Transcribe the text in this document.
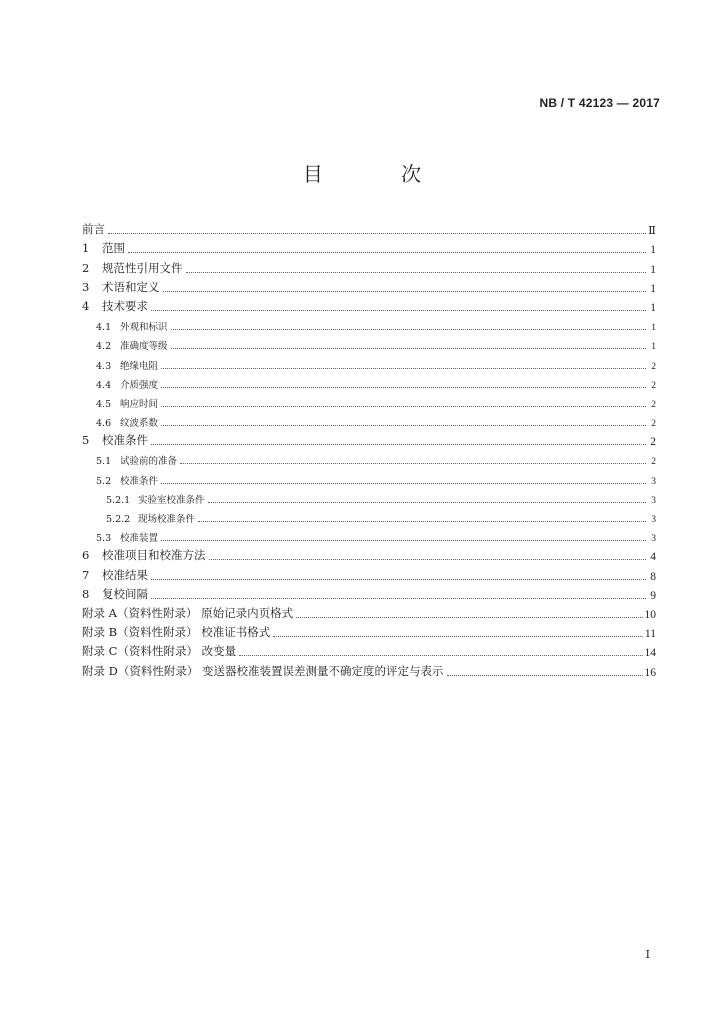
NB / T 42123 — 2017
目 次
前言	Ⅱ
1 范围	1
2 规范性引用文件	1
3 术语和定义	1
4 技术要求	1
4.1 外观和标识	1
4.2 准确度等级	1
4.3 绝缘电阻	2
4.4 介质强度	2
4.5 响应时间	2
4.6 纹波系数	2
5 校准条件	2
5.1 试验前的准备	2
5.2 校准条件	3
5.2.1 实验室校准条件	3
5.2.2 现场校准条件	3
5.3 校准装置	3
6 校准项目和校准方法	4
7 校准结果	8
8 复校间隔	9
附录 A（资料性附录） 原始记录内页格式	10
附录 B（资料性附录） 校准证书格式	11
附录 C（资料性附录） 改变量	14
附录 D（资料性附录） 变送器校准装置误差测量不确定度的评定与表示	16
I
